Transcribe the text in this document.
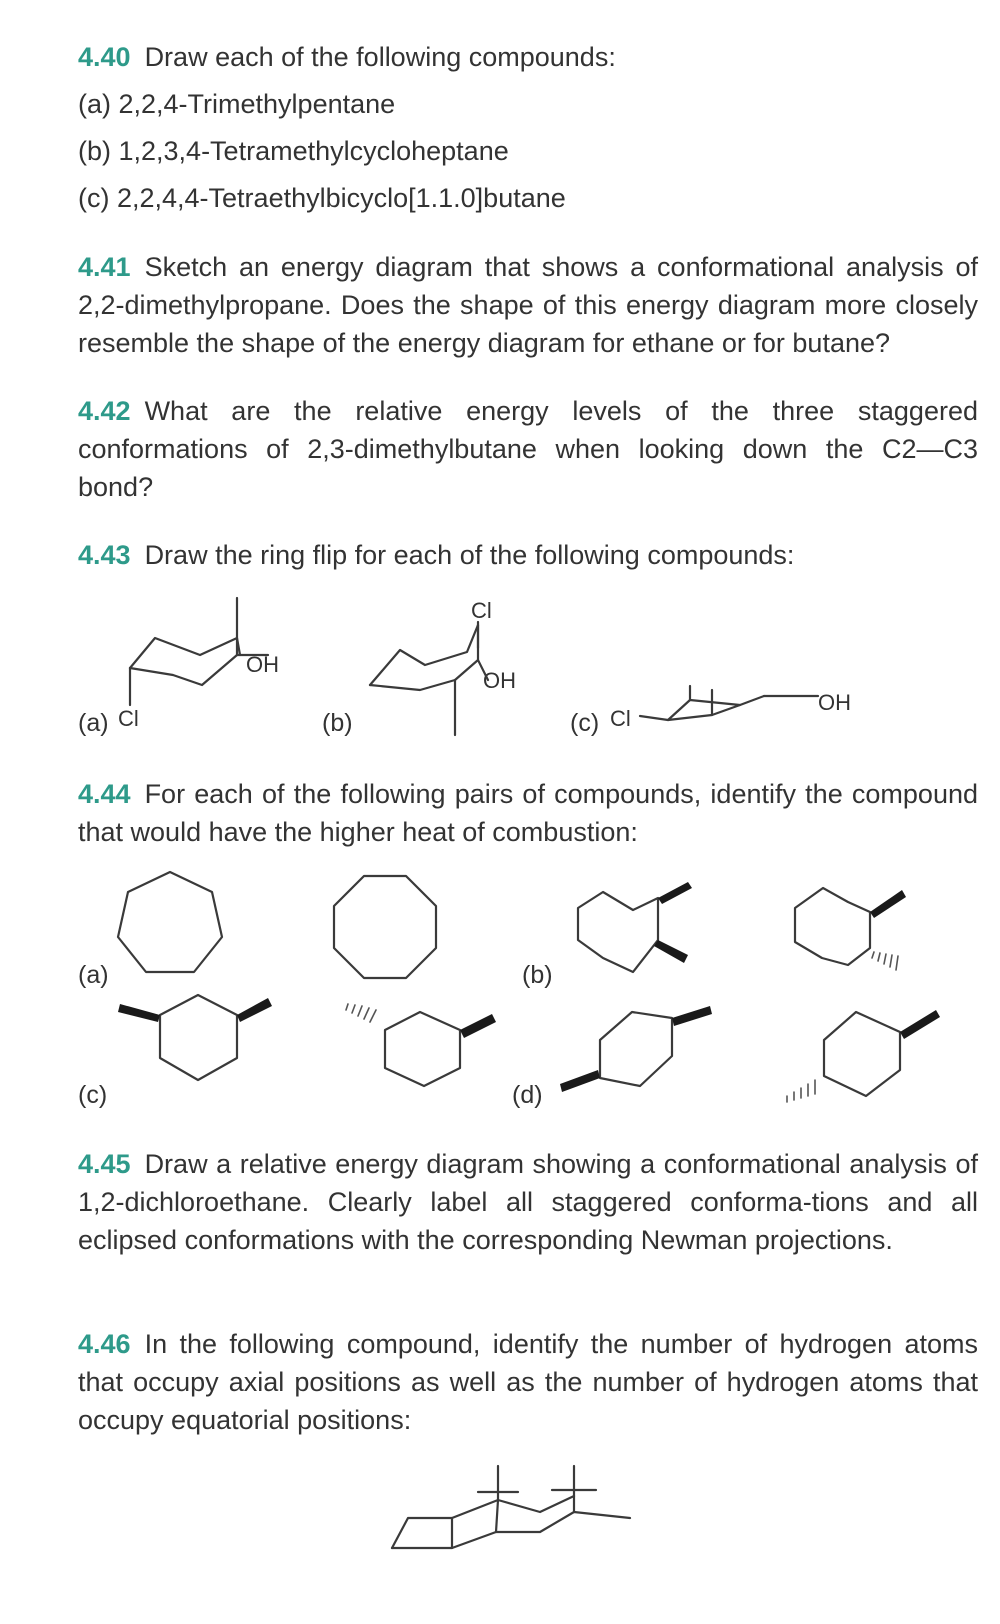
4.40 Draw each of the following compounds:
(a) 2,2,4-Trimethylpentane
(b) 1,2,3,4-Tetramethylcycloheptane
(c) 2,2,4,4-Tetraethylbicyclo[1.1.0]butane
4.41 Sketch an energy diagram that shows a conformational analysis of 2,2-dimethylpropane. Does the shape of this energy diagram more closely resemble the shape of the energy diagram for ethane or for butane?
4.42 What are the relative energy levels of the three staggered conformations of 2,3-dimethylbutane when looking down the C2—C3 bond?
4.43 Draw the ring flip for each of the following compounds:
(a)	(b)	(c)
Cl
OH
Cl
OH
Cl
OH
4.44 For each of the following pairs of compounds, identify the compound that would have the higher heat of combustion:
(a)	(b)
(c)	(d)
4.45 Draw a relative energy diagram showing a conformational analysis of 1,2-dichloroethane. Clearly label all staggered conforma-tions and all eclipsed conformations with the corresponding Newman projections.
4.46 In the following compound, identify the number of hydrogen atoms that occupy axial positions as well as the number of hydrogen atoms that occupy equatorial positions:
